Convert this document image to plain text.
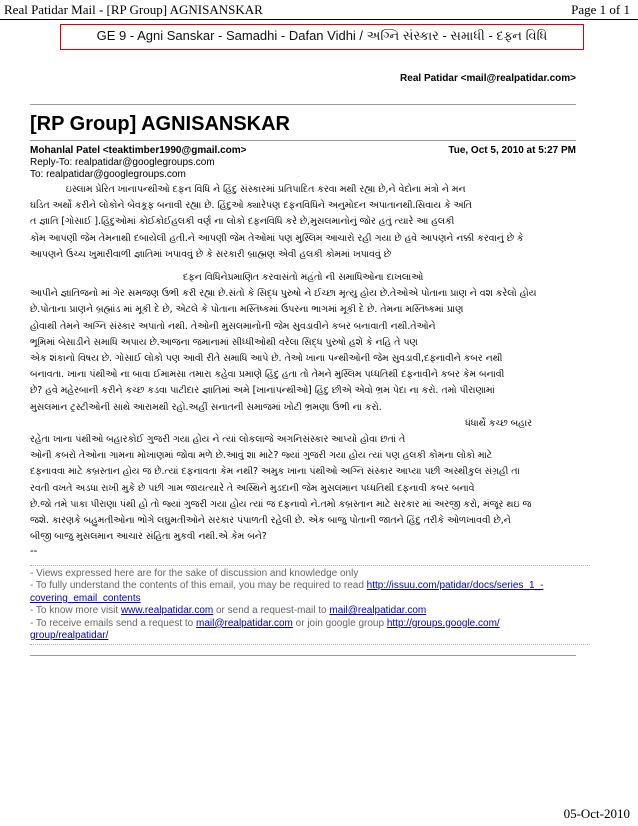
Real Patidar Mail - [RP Group] AGNISANSKAR	Page 1 of 1
GE 9 - Agni Sanskar - Samadhi - Dafan Vidhi / અગ્નિ સંસ્કાર - સમાધી - દફ્ન વિધિ
Real Patidar <mail@realpatidar.com>
[RP Group] AGNISANSKAR
Mohanlal Patel <teaktimber1990@gmail.com>	Tue, Oct 5, 2010 at 5:27 PM
Reply-To: realpatidar@googlegroups.com
To: realpatidar@googlegroups.com
ઇસ્લામ પ્રેરિત ખાનાપન્થીઓ દફન વિધિ ને હિંદુ સંસ્કારમાં પ્રતિપાદિત કરવા મથી રહ્યા છે,ને વેદોના મંત્રો ને મન
ઘડિત અર્થો કરીને લોકોને બેવકૂફ બનાવી રહ્યા છે. હિંદુઓ ક્યારેપણ દફનવિધિને અનુમોદન અપાતાનથી.સિવાય કે અતિ
ત જ્ઞાતિ [ગોસાઈ ].હિંદુઓમાં કોઈકોઈહલકી વર્ણ ના લોકો દફનવિધિ કરે છે,મુસલમાનોનું જોર હતું ત્યારે આ હલકી
કોમ આપણી જેમ તેમનાથી દબાયેલી હતી.ને આપણી જેમ તેઓમાં પણ મુસ્લિમ આચારો રહી ગયા છે હવે આપણને નક્કી કરવાનું છે કે
આપણને ઉચ્ચ ખુમારીવાળી જ્ઞાતિમાં ખપાવવું છે કે સરકારી બ્રાહ્મણ એવી હલકી કોમમાં ખપાવવું છે
દફન વિધિનેપ્રમાણિત કરવાસંતો મહંતો ની સમાધિઓના દાખલાઓ
આપીને જ્ઞાતિજનો માં ગેર સમજણ ઉભી કરી રહ્યા છે.સંતો કે સિદ્ધ પુરુષો ને ઈચ્છા મૃત્યુ હોય છે.તેઓએ પોતાના પ્રાણ ને વશ કરેલો હોય
છે.પોતાના પ્રાણને બ્રહ્માંડ માં મૂકી દે છે, એટલે કે પોતાના મસ્તિષ્કમાં ઉપરના ભાગમાં મૂકી દે છે. તેમના મસ્તિષ્કમાં પ્રાણ
હોવાથી તેમને અગ્નિ સંસ્કાર અપાતો નથી. તેઓની મુસલમાનોની જેમ સુવડાવીને કબર બનાવાતી નથી.તેઓને
ભૂમિમાં બેસાડીને સમાધિ અપાય છે.આજના જમાનામાં સીધ્ધીઓથી વરેલા સિદ્ધ પુરુષો હશે કે નહિ તે પણ
એક શંકાનો વિષય છે. ગોસાઈ લોકો પણ આવી રીતે સમાધિ આપે છે. તેઓ ખાના પન્થીઓની જેમ સુવડાવી,દફનાવીને કબર નથી
બનાવતા. ખાના પંથીઓ ના બાવા ઈમામસા તમારા કહેવા પ્રમાણે હિંદુ હતા તો તેમને મુસ્લિમ પધ્ધતિથી દફનાવીને કબર કેમ બનાવી
છે? હવે મહેરબાની કરીને કચ્છ કડવા પાટીદાર જ્ઞાતિમાં અમે [ખાનાપન્થીઓ] હિંદુ છીએ એવો ભ્રમ પેદા ના કરો. તમો પીરાણામાં
મુસલમાન ટ્રસ્ટીઓની સાથે આરામથી રહો.અહીં સનાતની સમાજમાં ખોટી ભ્રમણા ઉભી ના કરો.
ધંધાર્થે કચ્છ બહાર
રહેતા ખાના પંથીઓ બહારકોઈ ગુજરી ગયા હોય ને ત્યાં લોકલાજે અગનિસંસ્કાર આપ્યો હોવા છતાં તે
ઓની કબરો તેઓના ગામના મોખાણમાં જોવા મળે છે.આવું શા માટે? જ્યાં ગુજરી ગયા હોય ત્યાં પણ હલકી કોમના લોકો માટે
દફનાવવા માટે કબ્રસ્તાન હોય જ છે.ત્યાં દફનાવતા કેમ નથી? અમુક ખાના પંથીઓ અગ્નિ સંસ્કાર આપ્યા પછી અસ્થીકુલ સંગ્રહી તા
રવતી વખતે અડધા રાખી મુકે છે પછી ગામ જાયત્યારે તે અસ્થિને મુડદાની જેમ મુસલમાન પધ્ધતિથી દફનાવી કબર બનાવે
છે.જો તમે પાકા પીરાણા પંથી હો તો જ્યાં ગુજરી ગયા હોય ત્યાં જ દફનાવો ને.તમો કબ્રસ્તાન માટે સરકાર માં અરજી કરો, મંજૂર થઇ જ
જશે. કારણકે બહુમતીઓના ભોગે લઘુમતીઓને સરકાર પંપાળતી રહેલી છે. એક બાજુ પોતાની જાતને હિંદુ તરીકે ઓળખાવવી છે,ને
બીજી બાજુ મુસલમાન આચાર સંહિતા મુકવી નથી.એ કેમ બને?
--
- Views expressed here are for the sake of discussion and knowledge only
- To fully understand the contents of this email, you may be required to read http://issuu.com/patidar/docs/series_1_-
covering_email_contents
- To know more visit www.realpatidar.com or send a request-mail to mail@realpatidar.com
- To receive emails send a request to mail@realpatidar.com or join google group http://groups.google.com/
group/realpatidar/
05-Oct-2010
